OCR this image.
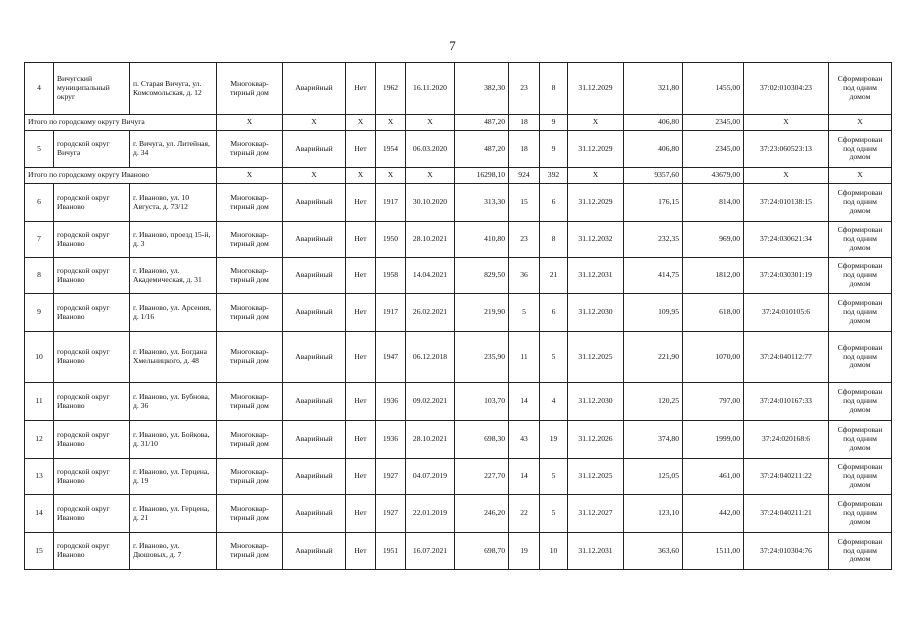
7
4	Вичугский муниципальный округ	п. Старая Вичуга, ул. Комсомольская, д. 12	Многоквар-тирный дом	Аварийный	Нет	1962	16.11.2020	382,30	23	8	31.12.2029	321,80	1455,00	37:02:010304:23	Сформирован под одним домом
Итого по городскому округу Вичуга			X	X	X	X	X	487,20	18	9	X	406,80	2345,00	X	X
5	городской округ Вичуга	г. Вичуга, ул. Литейная, д. 34	Многоквар-тирный дом	Аварийный	Нет	1954	06.03.2020	487,20	18	9	31.12.2029	406,80	2345,00	37:23:060523:13	Сформирован под одним домом
Итого по городскому округу Иваново			X	X	X	X	X	16298,10	924	392	X	9357,60	43679,00	X	X
6	городской округ Иваново	г. Иваново, ул. 10 Августа, д. 73/12	Многоквар-тирный дом	Аварийный	Нет	1917	30.10.2020	313,30	15	6	31.12.2029	176,15	814,00	37:24:010138:15	Сформирован под одним домом
7	городской округ Иваново	г. Иваново, проезд 15-й, д. 3	Многоквар-тирный дом	Аварийный	Нет	1950	28.10.2021	410,80	23	8	31.12.2032	232,35	969,00	37:24:030621:34	Сформирован под одним домом
8	городской округ Иваново	г. Иваново, ул. Академическая, д. 31	Многоквар-тирный дом	Аварийный	Нет	1958	14.04.2021	829,50	36	21	31.12.2031	414,75	1812,00	37:24:030301:19	Сформирован под одним домом
9	городской округ Иваново	г. Иваново, ул. Арсения, д. 1/16	Многоквар-тирный дом	Аварийный	Нет	1917	26.02.2021	219,90	5	6	31.12.2030	109,95	618,00	37:24:010105:6	Сформирован под одним домом
10	городской округ Иваново	г. Иваново, ул. Богдана Хмельницкого, д. 48	Многоквар-тирный дом	Аварийный	Нет	1947	06.12.2018	235,90	11	5	31.12.2025	221,90	1070,00	37:24:040112:77	Сформирован под одним домом
11	городской округ Иваново	г. Иваново, ул. Бубнова, д. 36	Многоквар-тирный дом	Аварийный	Нет	1936	09.02.2021	103,70	14	4	31.12.2030	120,25	797,00	37:24:010167:33	Сформирован под одним домом
12	городской округ Иваново	г. Иваново, ул. Бойкова, д. 31/10	Многоквар-тирный дом	Аварийный	Нет	1936	28.10.2021	698,30	43	19	31.12.2026	374,80	1999,00	37:24:020168:6	Сформирован под одним домом
13	городской округ Иваново	г. Иваново, ул. Герцена, д. 19	Многоквар-тирный дом	Аварийный	Нет	1927	04.07.2019	227,70	14	5	31.12.2025	125,05	461,00	37:24:040211:22	Сформирован под одним домом
14	городской округ Иваново	г. Иваново, ул. Герцена, д. 21	Многоквар-тирный дом	Аварийный	Нет	1927	22.01.2019	246,20	22	5	31.12.2027	123,10	442,00	37:24:040211:21	Сформирован под одним домом
15	городской округ Иваново	г. Иваново, ул. Дюшовых, д. 7	Многоквар-тирный дом	Аварийный	Нет	1951	16.07.2021	698,70	19	10	31.12.2031	363,60	1511,00	37:24:010304:76	Сформирован под одним домом
